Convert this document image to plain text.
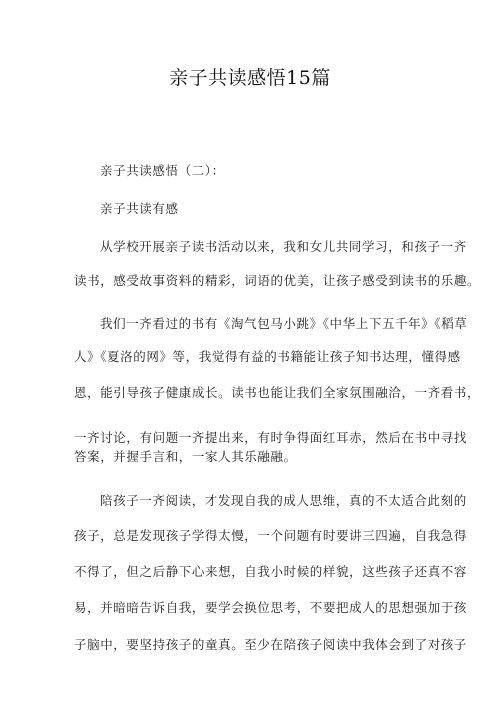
亲子共读感悟15篇
亲子共读感悟（二）：
亲子共读有感
从学校开展亲子读书活动以来，我和女儿共同学习，和孩子一齐
读书，感受故事资料的精彩，词语的优美，让孩子感受到读书的乐趣。
我们一齐看过的书有《淘气包马小跳》《中华上下五千年》《稻草
人》《夏洛的网》等，我觉得有益的书籍能让孩子知书达理，懂得感
恩，能引导孩子健康成长。读书也能让我们全家氛围融洽，一齐看书，
一齐讨论，有问题一齐提出来，有时争得面红耳赤，然后在书中寻找
答案，并握手言和，一家人其乐融融。
陪孩子一齐阅读，才发现自我的成人思维，真的不太适合此刻的
孩子，总是发现孩子学得太慢，一个问题有时要讲三四遍，自我急得
不得了，但之后静下心来想，自我小时候的样貌，这些孩子还真不容
易，并暗暗告诉自我，要学会换位思考，不要把成人的思想强加于孩
子脑中，要坚持孩子的童真。至少在陪孩子阅读中我体会到了对孩子
